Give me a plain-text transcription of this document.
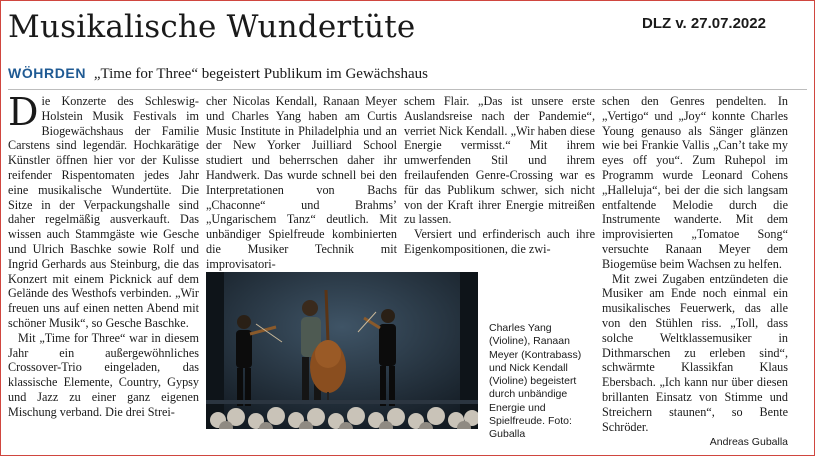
Musikalische Wundertüte	DLZ v. 27.07.2022
WÖHRDEN „Time for Three“ begeistert Publikum im Gewächshaus

Die Konzerte des Schleswig-Holstein Musik Festivals im Biogewächshaus der Familie Carstens sind legendär. Hochkarätige Künstler öffnen hier vor der Kulisse reifender Rispentomaten jedes Jahr eine musikalische Wundertüte. Die Sitze in der Verpackungshalle sind daher regelmäßig ausverkauft. Das wissen auch Stammgäste wie Gesche und Ulrich Baschke sowie Rolf und Ingrid Gerhards aus Steinburg, die das Konzert mit einem Picknick auf dem Gelände des Westhofs verbinden. „Wir freuen uns auf einen netten Abend mit schöner Musik“, so Gesche Baschke.

Mit „Time for Three“ war in diesem Jahr ein außergewöhnliches Crossover-Trio eingeladen, das klassische Elemente, Country, Gypsy und Jazz zu einer ganz eigenen Mischung verband. Die drei Strei-

cher Nicolas Kendall, Ranaan Meyer und Charles Yang haben am Curtis Music Institute in Philadelphia und an der New Yorker Juilliard School studiert und beherrschen daher ihr Handwerk. Das wurde schnell bei den Interpretationen von Bachs „Chaconne“ und Brahms’ „Ungarischem Tanz“ deutlich. Mit unbändiger Spielfreude kombinierten die Musiker Technik mit improvisatori-

schem Flair. „Das ist unsere erste Auslandsreise nach der Pandemie“, verriet Nick Kendall. „Wir haben diese Energie vermisst.“ Mit ihrem umwerfenden Stil und ihrem freilaufenden Genre-Crossing war es für das Publikum schwer, sich nicht von der Kraft ihrer Energie mitreißen zu lassen.

Versiert und erfinderisch auch ihre Eigenkompositionen, die zwi-

schen den Genres pendelten. In „Vertigo“ und „Joy“ konnte Charles Young genauso als Sänger glänzen wie bei Frankie Vallis „Can’t take my eyes off you“. Zum Ruhepol im Programm wurde Leonard Cohens „Halleluja“, bei der die sich langsam entfaltende Melodie durch die Instrumente wanderte. Mit dem improvisierten „Tomatoe Song“ versuchte Ranaan Meyer dem Biogemüse beim Wachsen zu helfen.

Mit zwei Zugaben entzündeten die Musiker am Ende noch einmal ein musikalisches Feuerwerk, das alle von den Stühlen riss. „Toll, dass solche Weltklassemusiker in Dithmarschen zu erleben sind“, schwärmte Klassikfan Klaus Ebersbach. „Ich kann nur über diesen brillanten Einsatz von Stimme und Streichern staunen“, so Bente Schröder.

Andreas Guballa

Charles Yang (Violine), Ranaan Meyer (Kontrabass) und Nick Kendall (Violine) begeistert durch unbändige Energie und Spielfreude. Foto: Guballa
